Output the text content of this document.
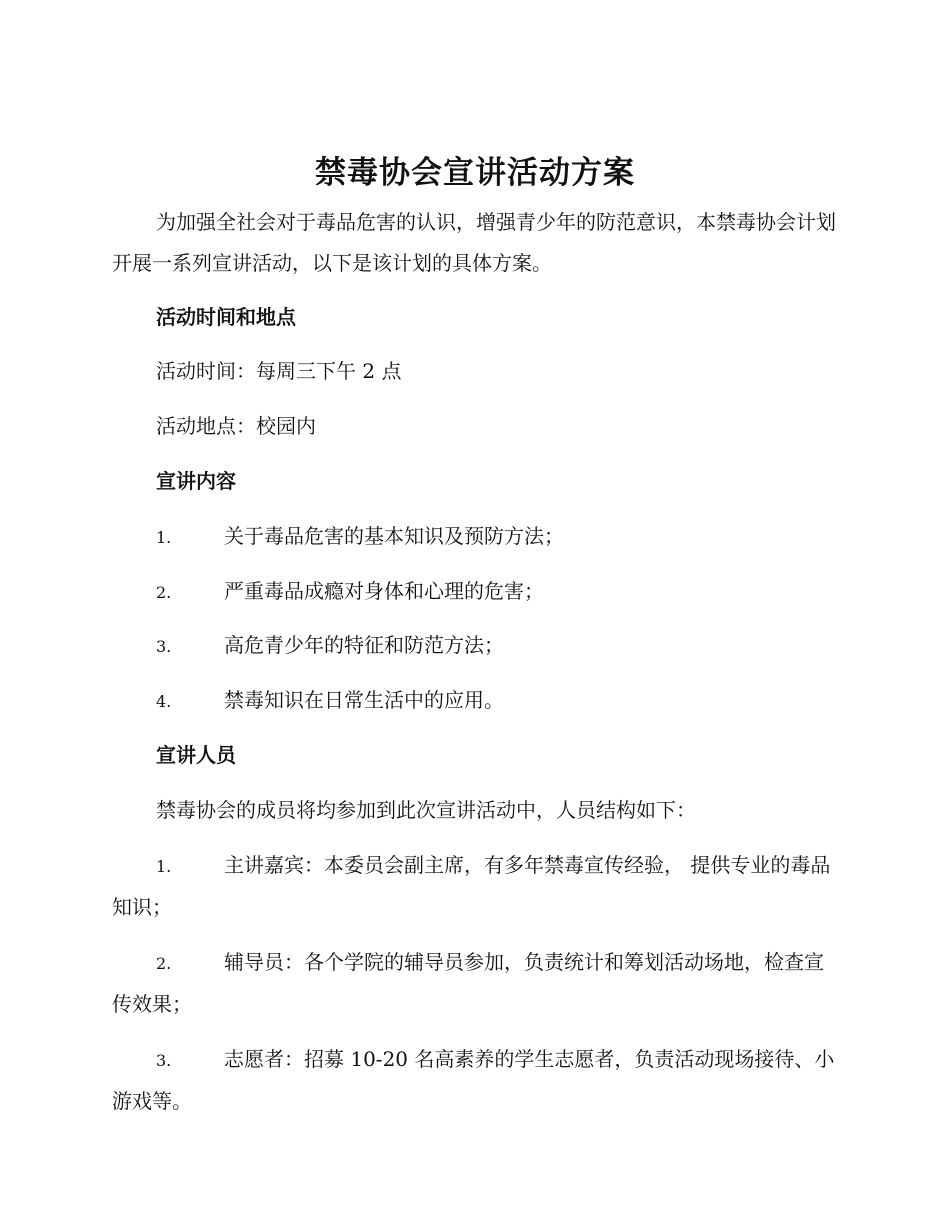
禁毒协会宣讲活动方案
为加强全社会对于毒品危害的认识，增强青少年的防范意识，本禁毒协会计划开展一系列宣讲活动，以下是该计划的具体方案。
活动时间和地点
活动时间：每周三下午 2 点
活动地点：校园内
宣讲内容
1.	关于毒品危害的基本知识及预防方法；
2.	严重毒品成瘾对身体和心理的危害；
3.	高危青少年的特征和防范方法；
4.	禁毒知识在日常生活中的应用。
宣讲人员
禁毒协会的成员将均参加到此次宣讲活动中，人员结构如下：
1.	主讲嘉宾：本委员会副主席，有多年禁毒宣传经验， 提供专业的毒品知识；
2.	辅导员：各个学院的辅导员参加，负责统计和筹划活动场地，检查宣传效果；
3.	志愿者：招募 10-20 名高素养的学生志愿者，负责活动现场接待、小游戏等。
